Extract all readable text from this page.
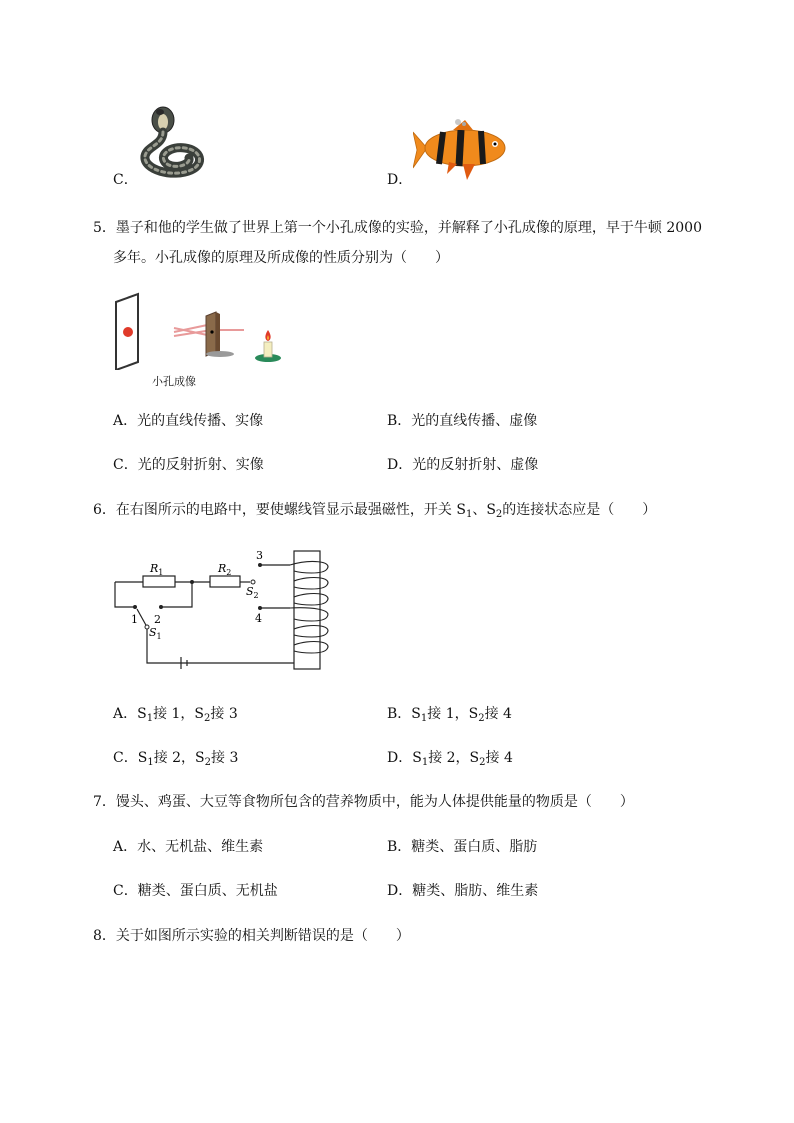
C．	D．
5．墨子和他的学生做了世界上第一个小孔成像的实验，并解释了小孔成像的原理，早于牛顿 2000
多年。小孔成像的原理及所成像的性质分别为（　　）
小孔成像
A．光的直线传播、实像	B．光的直线传播、虚像
C．光的反射折射、实像	D．光的反射折射、虚像
6．在右图所示的电路中，要使螺线管显示最强磁性，开关 $S_1$、$S_2$的连接状态应是（　　）
$R_1$	$R_2$
$S_2$
$S_1$
1 2
3
4
A．$S_1$接 1，$S_2$接 3	B．$S_1$接 1，$S_2$接 4
C．$S_1$接 2，$S_2$接 3	D．$S_1$接 2，$S_2$接 4
7．馒头、鸡蛋、大豆等食物所包含的营养物质中，能为人体提供能量的物质是（　　）
A．水、无机盐、维生素	B．糖类、蛋白质、脂肪
C．糖类、蛋白质、无机盐	D．糖类、脂肪、维生素
8．关于如图所示实验的相关判断错误的是（　　）
